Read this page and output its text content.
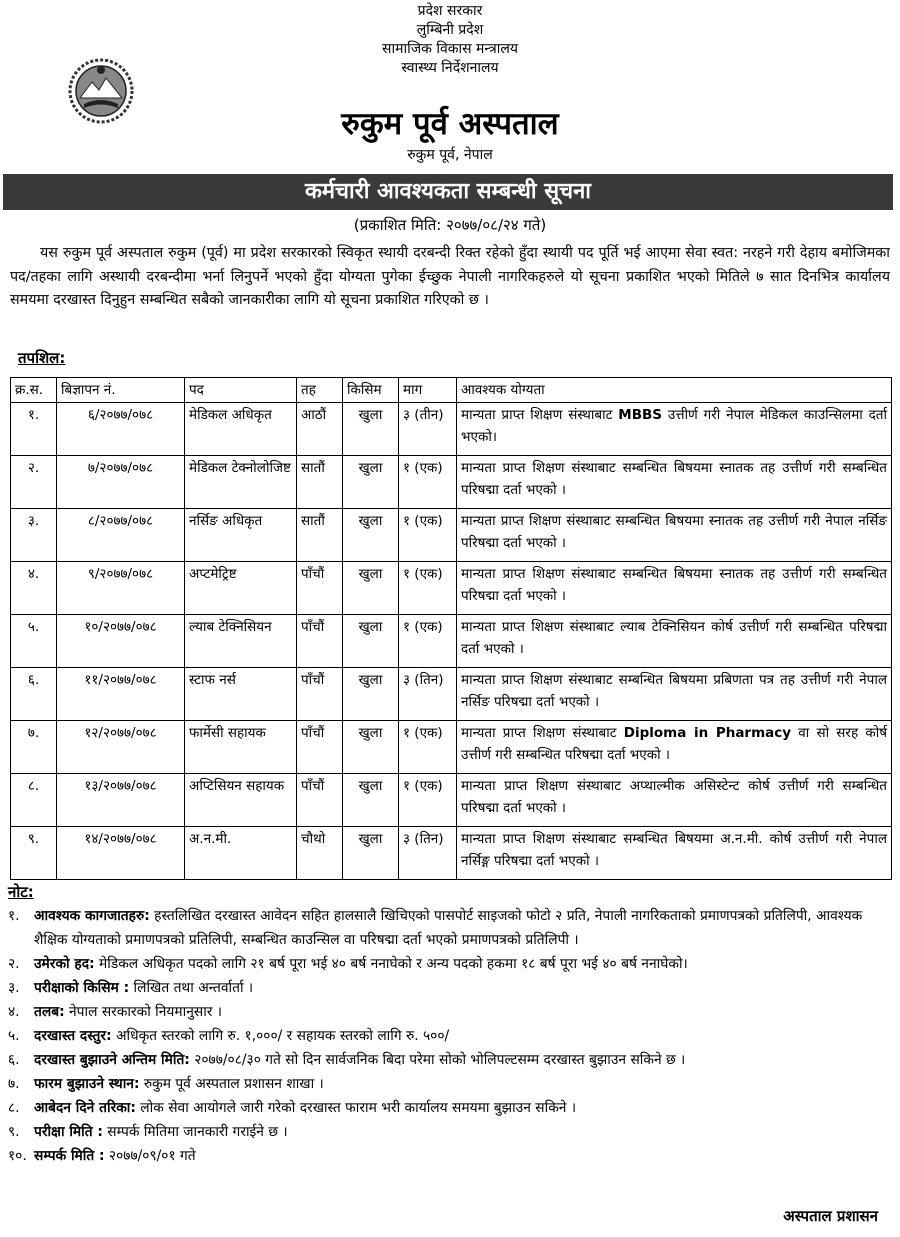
प्रदेश सरकार
लुम्बिनी प्रदेश
सामाजिक विकास मन्त्रालय
स्वास्थ्य निर्देशनालय
रुकुम पूर्व अस्पताल
रुकुम पूर्व, नेपाल
कर्मचारी आवश्यकता सम्बन्धी सूचना
(प्रकाशित मिति: २०७७/०८/२४ गते)
यस रुकुम पूर्व अस्पताल रुकुम (पूर्व) मा प्रदेश सरकारको स्विकृत स्थायी दरबन्दी रिक्त रहेको हुँदा स्थायी पद पूर्ति भई आएमा सेवा स्वत: नरहने गरी देहाय बमोजिमका पद/तहका लागि अस्थायी दरबन्दीमा भर्ना लिनुपर्ने भएको हुँदा योग्यता पुगेका ईच्छुक नेपाली नागरिकहरुले यो सूचना प्रकाशित भएको मितिले ७ सात दिनभित्र कार्यालय समयमा दरखास्त दिनुहुन सम्बन्धित सबैको जानकारीका लागि यो सूचना प्रकाशित गरिएको छ ।
तपशिल:
क्र.स.	बिज्ञापन नं.	पद	तह	किसिम	माग	आवश्यक योग्यता
१.	६/२०७७/०७८	मेडिकल अधिकृत	आठौं	खुला	३ (तीन)	मान्यता प्राप्त शिक्षण संस्थाबाट MBBS उत्तीर्ण गरी नेपाल मेडिकल काउन्सिलमा दर्ता भएको।
२.	७/२०७७/०७८	मेडिकल टेक्नोलोजिष्ट	सातौं	खुला	१ (एक)	मान्यता प्राप्त शिक्षण संस्थाबाट सम्बन्धित बिषयमा स्नातक तह उत्तीर्ण गरी सम्बन्धित परिषद्मा दर्ता भएको ।
३.	८/२०७७/०७८	नर्सिङ अधिकृत	सातौं	खुला	१ (एक)	मान्यता प्राप्त शिक्षण संस्थाबाट सम्बन्धित बिषयमा स्नातक तह उत्तीर्ण गरी नेपाल नर्सिङ परिषद्मा दर्ता भएको ।
४.	९/२०७७/०७८	अप्टमेट्रिष्ट	पाँचौं	खुला	१ (एक)	मान्यता प्राप्त शिक्षण संस्थाबाट सम्बन्धित बिषयमा स्नातक तह उत्तीर्ण गरी सम्बन्धित परिषद्मा दर्ता भएको ।
५.	१०/२०७७/०७८	ल्याब टेक्निसियन	पाँचौं	खुला	१ (एक)	मान्यता प्राप्त शिक्षण संस्थाबाट ल्याब टेक्निसियन कोर्ष उत्तीर्ण गरी सम्बन्धित परिषद्मा दर्ता भएको ।
६.	११/२०७७/०७८	स्टाफ नर्स	पाँचौं	खुला	३ (तिन)	मान्यता प्राप्त शिक्षण संस्थाबाट सम्बन्धित बिषयमा प्रबिणता पत्र तह उत्तीर्ण गरी नेपाल नर्सिङ परिषद्मा दर्ता भएको ।
७.	१२/२०७७/०७८	फार्मेसी सहायक	पाँचौं	खुला	१ (एक)	मान्यता प्राप्त शिक्षण संस्थाबाट Diploma in Pharmacy वा सो सरह कोर्ष उत्तीर्ण गरी सम्बन्धित परिषद्मा दर्ता भएको ।
८.	१३/२०७७/०७८	अप्टिसियन सहायक	पाँचौं	खुला	१ (एक)	मान्यता प्राप्त शिक्षण संस्थाबाट अप्थाल्मीक असिस्टेन्ट कोर्ष उत्तीर्ण गरी सम्बन्धित परिषद्मा दर्ता भएको ।
९.	१४/२०७७/०७८	अ.न.मी.	चौथो	खुला	३ (तिन)	मान्यता प्राप्त शिक्षण संस्थाबाट सम्बन्धित बिषयमा अ.न.मी. कोर्ष उत्तीर्ण गरी नेपाल नर्सिङ्ग परिषद्मा दर्ता भएको ।
नोट:
१. आवश्यक कागजातहरु: हस्तलिखित दरखास्त आवेदन सहित हालसालै खिचिएको पासपोर्ट साइजको फोटो २ प्रति, नेपाली नागरिकताको प्रमाणपत्रको प्रतिलिपी, आवश्यक शैक्षिक योग्यताको प्रमाणपत्रको प्रतिलिपी, सम्बन्धित काउन्सिल वा परिषद्मा दर्ता भएको प्रमाणपत्रको प्रतिलिपी ।
२. उमेरको हद: मेडिकल अधिकृत पदको लागि २१ बर्ष पूरा भई ४० बर्ष ननाघेको र अन्य पदको हकमा १८ बर्ष पूरा भई ४० बर्ष ननाघेको।
३. परीक्षाको किसिम : लिखित तथा अन्तर्वार्ता ।
४. तलब: नेपाल सरकारको नियमानुसार ।
५. दरखास्त दस्तुर: अधिकृत स्तरको लागि रु. १,०००/ र सहायक स्तरको लागि रु. ५००/
६. दरखास्त बुझाउने अन्तिम मिति: २०७७/०८/३० गते सो दिन सार्वजनिक बिदा परेमा सोको भोलिपल्टसम्म दरखास्त बुझाउन सकिने छ ।
७. फारम बुझाउने स्थान: रुकुम पूर्व अस्पताल प्रशासन शाखा ।
८. आबेदन दिने तरिका: लोक सेवा आयोगले जारी गरेको दरखास्त फाराम भरी कार्यालय समयमा बुझाउन सकिने ।
९. परीक्षा मिति : सम्पर्क मितिमा जानकारी गराईने छ ।
१०. सम्पर्क मिति : २०७७/०९/०१ गते
अस्पताल प्रशासन
